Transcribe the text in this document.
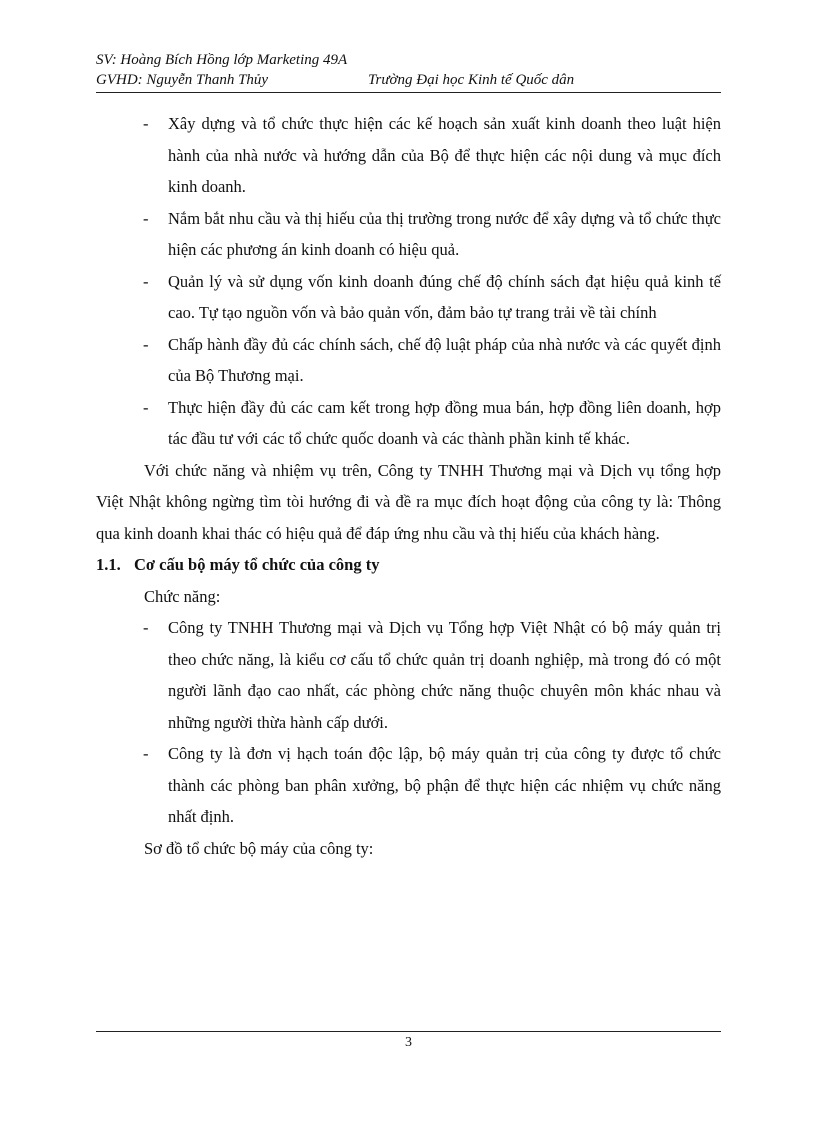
SV: Hoàng Bích Hồng lớp Marketing 49A
GVHD: Nguyễn Thanh Thủy	Trường Đại học Kinh tế Quốc dân
- Xây dựng và tổ chức thực hiện các kế hoạch sản xuất kinh doanh theo luật hiện hành của nhà nước và hướng dẫn của Bộ để thực hiện các nội dung và mục đích kinh doanh.
- Nắm bắt nhu cầu và thị hiếu của thị trường trong nước để xây dựng và tổ chức thực hiện các phương án kinh doanh có hiệu quả.
- Quản lý và sử dụng vốn kinh doanh đúng chế độ chính sách đạt hiệu quả kinh tế cao. Tự tạo nguồn vốn và bảo quản vốn, đảm bảo tự trang trải về tài chính
- Chấp hành đầy đủ các chính sách, chế độ luật pháp của nhà nước và các quyết định của Bộ Thương mại.
- Thực hiện đầy đủ các cam kết trong hợp đồng mua bán, hợp đồng liên doanh, hợp tác đầu tư với các tổ chức quốc doanh và các thành phần kinh tế khác.

Với chức năng và nhiệm vụ trên, Công ty TNHH Thương mại và Dịch vụ tổng hợp Việt Nhật không ngừng tìm tòi hướng đi và đề ra mục đích hoạt động của công ty là: Thông qua kinh doanh khai thác có hiệu quả để đáp ứng nhu cầu và thị hiếu của khách hàng.

1.1. Cơ cấu bộ máy tổ chức của công ty

Chức năng:

- Công ty TNHH Thương mại và Dịch vụ Tổng hợp Việt Nhật có bộ máy quản trị theo chức năng, là kiểu cơ cấu tổ chức quản trị doanh nghiệp, mà trong đó có một người lãnh đạo cao nhất, các phòng chức năng thuộc chuyên môn khác nhau và những người thừa hành cấp dưới.
- Công ty là đơn vị hạch toán độc lập, bộ máy quản trị của công ty được tổ chức thành các phòng ban phân xưởng, bộ phận để thực hiện các nhiệm vụ chức năng nhất định.

Sơ đồ tổ chức bộ máy của công ty:

3
